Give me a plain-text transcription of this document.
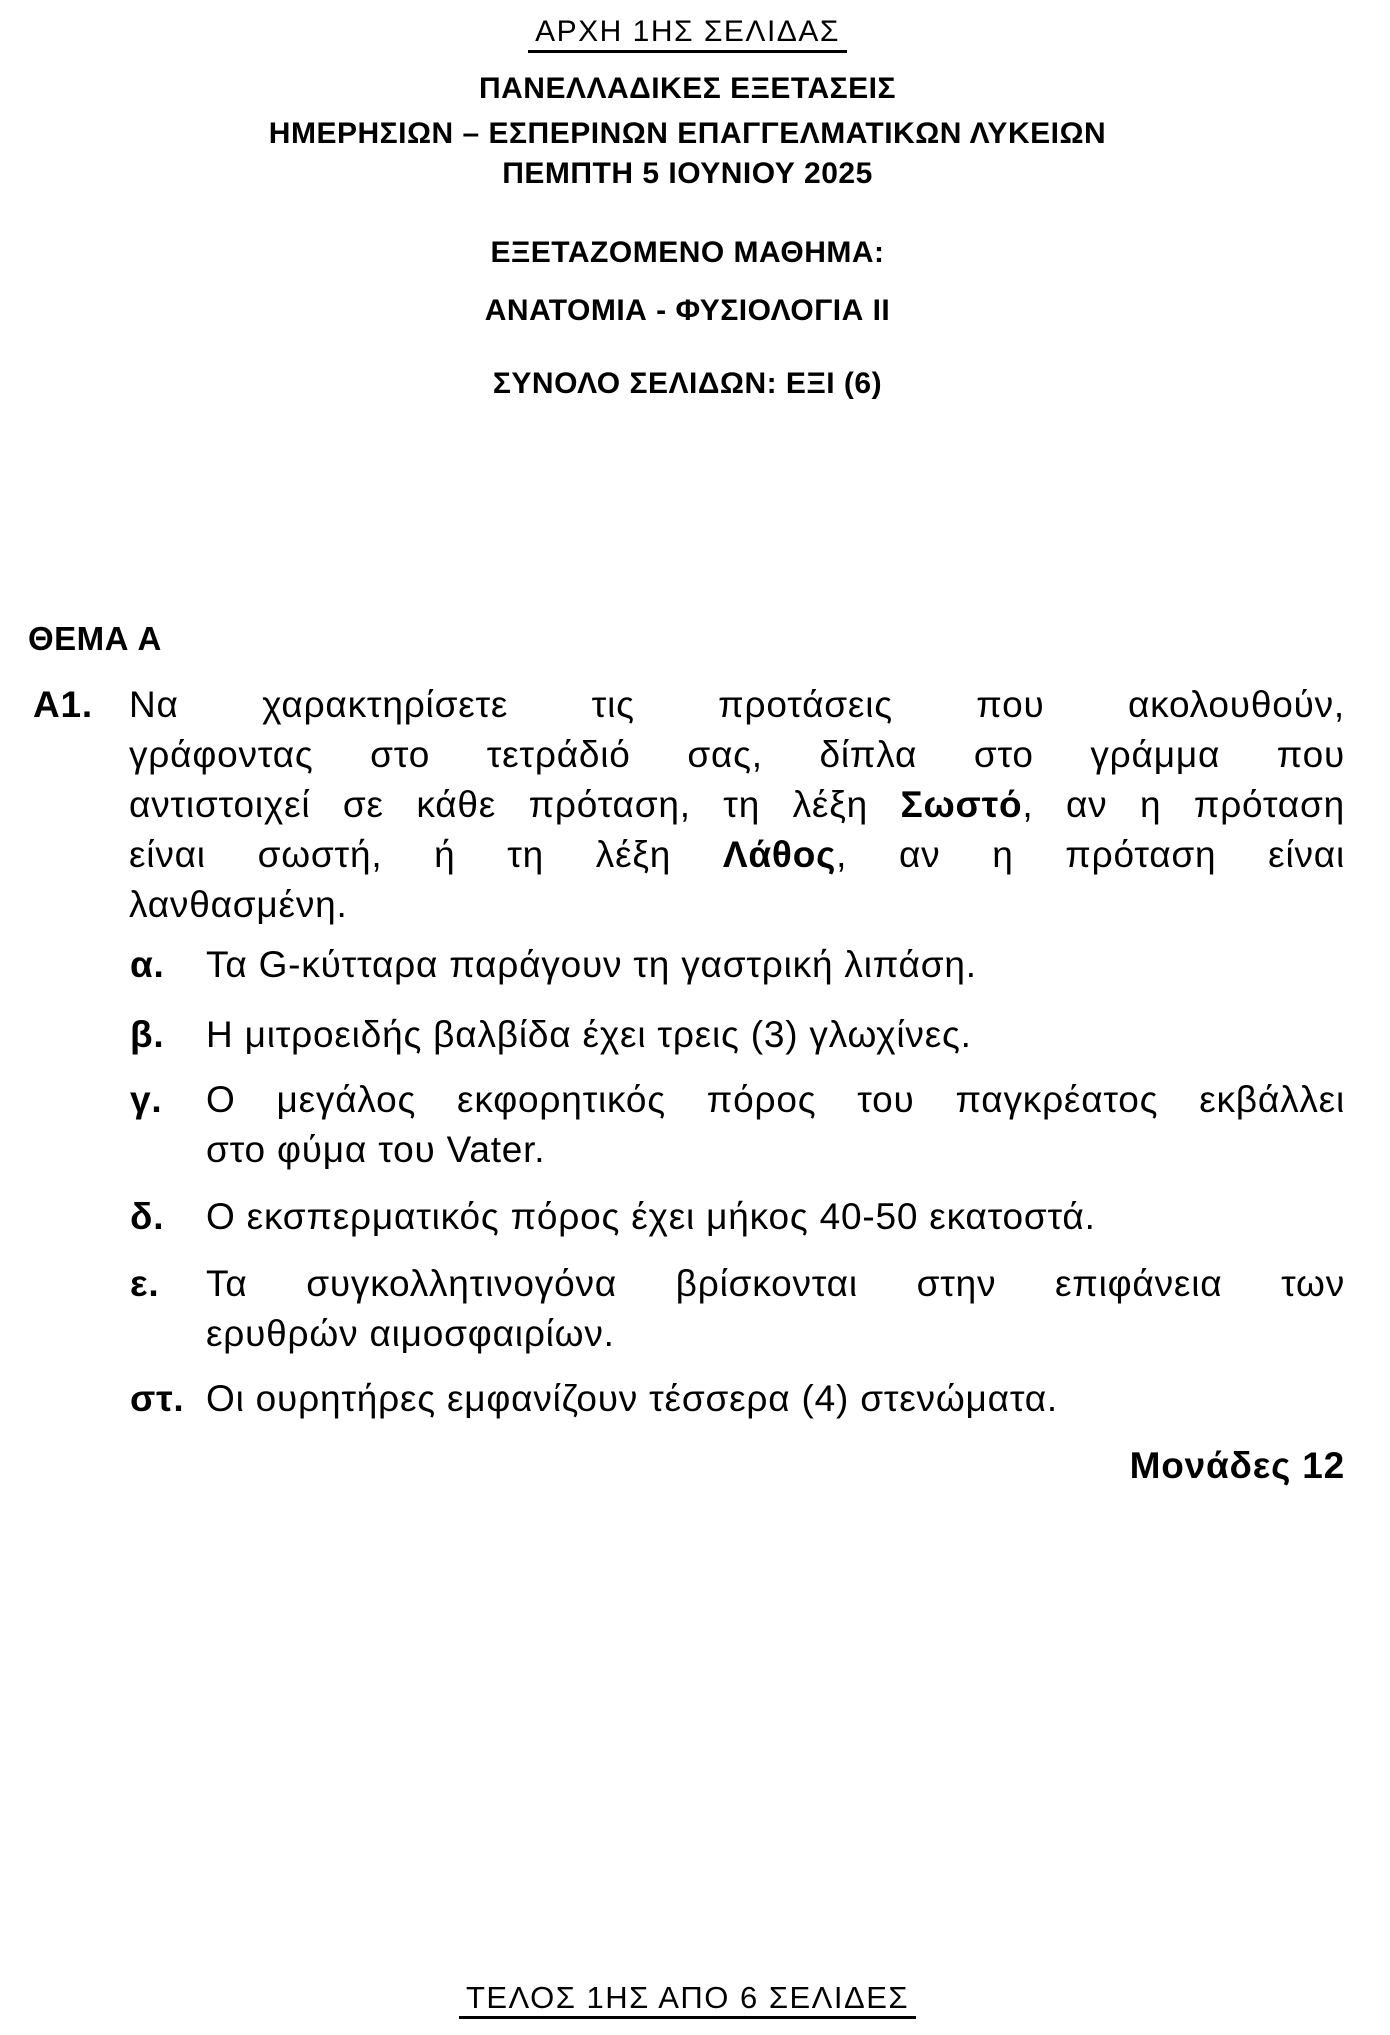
ΑΡΧΗ 1ΗΣ ΣΕΛΙΔΑΣ
ΠΑΝΕΛΛΑΔΙΚΕΣ ΕΞΕΤΑΣΕΙΣ
ΗΜΕΡΗΣΙΩΝ – ΕΣΠΕΡΙΝΩΝ ΕΠΑΓΓΕΛΜΑΤΙΚΩΝ ΛΥΚΕΙΩΝ
ΠΕΜΠΤΗ 5 ΙΟΥΝΙΟΥ 2025
ΕΞΕΤΑΖΟΜΕΝΟ ΜΑΘΗΜΑ:
ΑΝΑΤΟΜΙΑ - ΦΥΣΙΟΛΟΓΙΑ ΙΙ
ΣΥΝΟΛΟ ΣΕΛΙΔΩΝ: ΕΞΙ (6)
ΘΕΜΑ Α
Α1. Να χαρακτηρίσετε τις προτάσεις που ακολουθούν,
γράφοντας στο τετράδιό σας, δίπλα στο γράμμα που
αντιστοιχεί σε κάθε πρόταση, τη λέξη Σωστό, αν η πρόταση
είναι σωστή, ή τη λέξη Λάθος, αν η πρόταση είναι
λανθασμένη.
α. Τα G-κύτταρα παράγουν τη γαστρική λιπάση.
β. Η μιτροειδής βαλβίδα έχει τρεις (3) γλωχίνες.
γ. Ο μεγάλος εκφορητικός πόρος του παγκρέατος εκβάλλει
στο φύμα του Vater.
δ. Ο εκσπερματικός πόρος έχει μήκος 40-50 εκατοστά.
ε. Τα συγκολλητινογόνα βρίσκονται στην επιφάνεια των
ερυθρών αιμοσφαιρίων.
στ. Οι ουρητήρες εμφανίζουν τέσσερα (4) στενώματα.
Μονάδες 12
ΤΕΛΟΣ 1ΗΣ ΑΠΟ 6 ΣΕΛΙΔΕΣ
